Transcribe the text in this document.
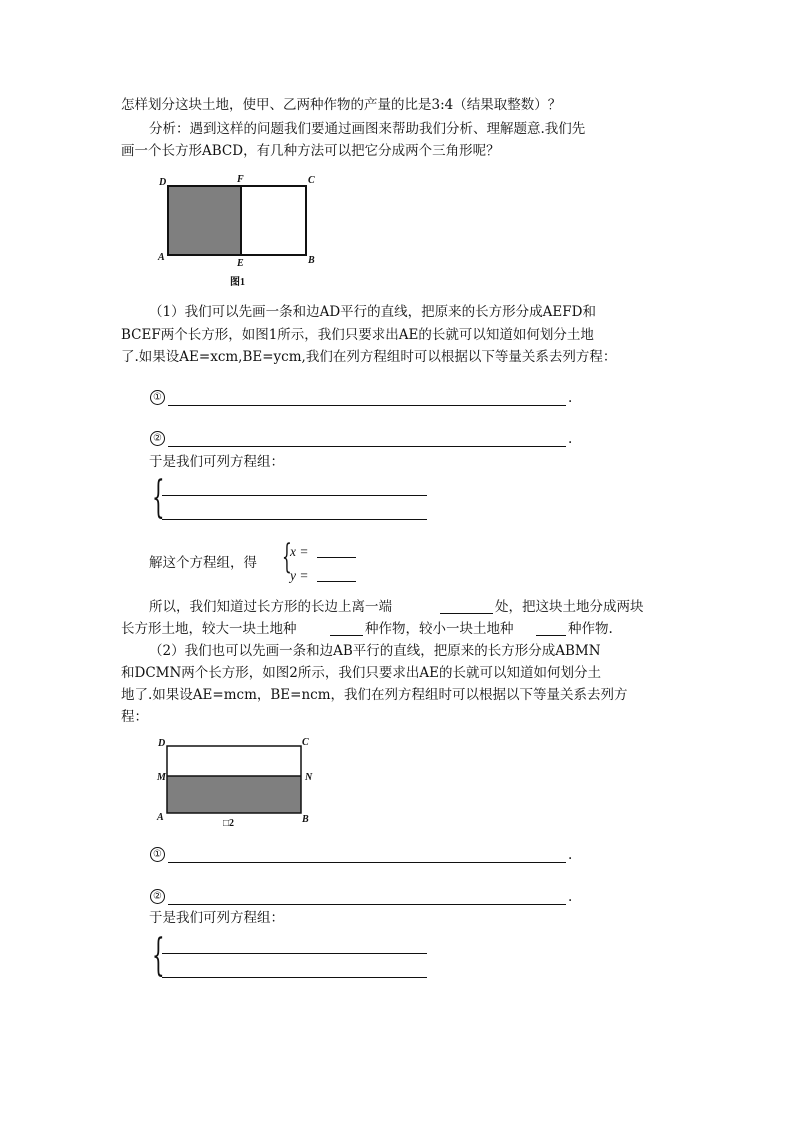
怎样划分这块土地，使甲、乙两种作物的产量的比是3:4（结果取整数）？
分析：遇到这样的问题我们要通过画图来帮助我们分析、理解题意.我们先
画一个长方形ABCD，有几种方法可以把它分成两个三角形呢？
D	F	C
A
E	B
图1
（1）我们可以先画一条和边AD平行的直线，把原来的长方形分成AEFD和
BCEF两个长方形，如图1所示，我们只要求出AE的长就可以知道如何划分土地
了.如果设AE=xcm,BE=ycm,我们在列方程组时可以根据以下等量关系去列方程：
①	.
②	.
于是我们可列方程组：
{
解这个方程组，得 {
x =
y =
所以，我们知道过长方形的长边上离一端	处，把这块土地分成两块
长方形土地，较大一块土地种	种作物，较小一块土地种	种作物.
（2）我们也可以先画一条和边AB平行的直线，把原来的长方形分成ABMN
和DCMN两个长方形，如图2所示，我们只要求出AE的长就可以知道如何划分土
地了.如果设AE=mcm，BE=ncm，我们在列方程组时可以根据以下等量关系去列方
程：
D	C
M	N
A	B
□2
①	.
②	.
于是我们可列方程组：
{
